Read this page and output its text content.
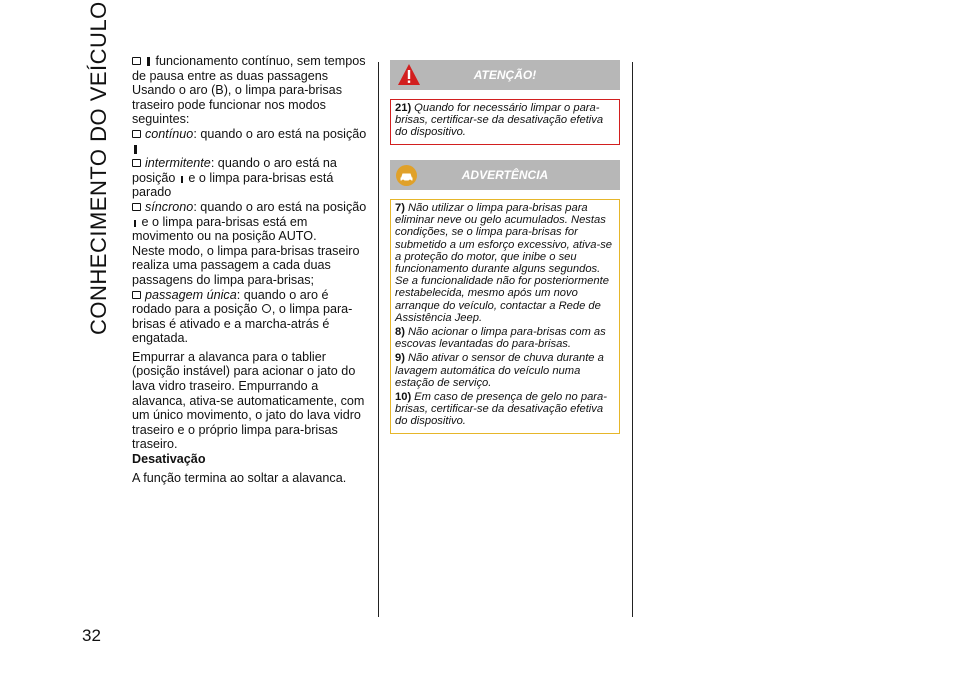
CONHECIMENTO DO VEÍCULO
32

funcionamento contínuo, sem tempos de pausa entre as duas passagens

Usando o aro (B), o limpa para-brisas traseiro pode funcionar nos modos seguintes:

contínuo: quando o aro está na posição

intermitente: quando o aro está na posição e o limpa para-brisas está parado

síncrono: quando o aro está na posição  e o limpa para-brisas está em movimento ou na posição AUTO.

Neste modo, o limpa para-brisas traseiro realiza uma passagem a cada duas passagens do limpa para-brisas;

passagem única: quando o aro é rodado para a posição , o limpa para-brisas é ativado e a marcha-atrás é engatada.

Empurrar a alavanca para o tablier (posição instável) para acionar o jato do lava vidro traseiro. Empurrando a alavanca, ativa-se automaticamente, com um único movimento, o jato do lava vidro traseiro e o próprio limpa para-brisas traseiro.

Desativação

A função termina ao soltar a alavanca.

ATENÇÃO!

21) Quando for necessário limpar o para-brisas, certificar-se da desativação efetiva do dispositivo.

ADVERTÊNCIA

7) Não utilizar o limpa para-brisas para eliminar neve ou gelo acumulados. Nestas condições, se o limpa para-brisas for submetido a um esforço excessivo, ativa-se a proteção do motor, que inibe o seu funcionamento durante alguns segundos. Se a funcionalidade não for posteriormente restabelecida, mesmo após um novo arranque do veículo, contactar a Rede de Assistência Jeep.

8) Não acionar o limpa para-brisas com as escovas levantadas do para-brisas.

9) Não ativar o sensor de chuva durante a lavagem automática do veículo numa estação de serviço.

10) Em caso de presença de gelo no para-brisas, certificar-se da desativação efetiva do dispositivo.
